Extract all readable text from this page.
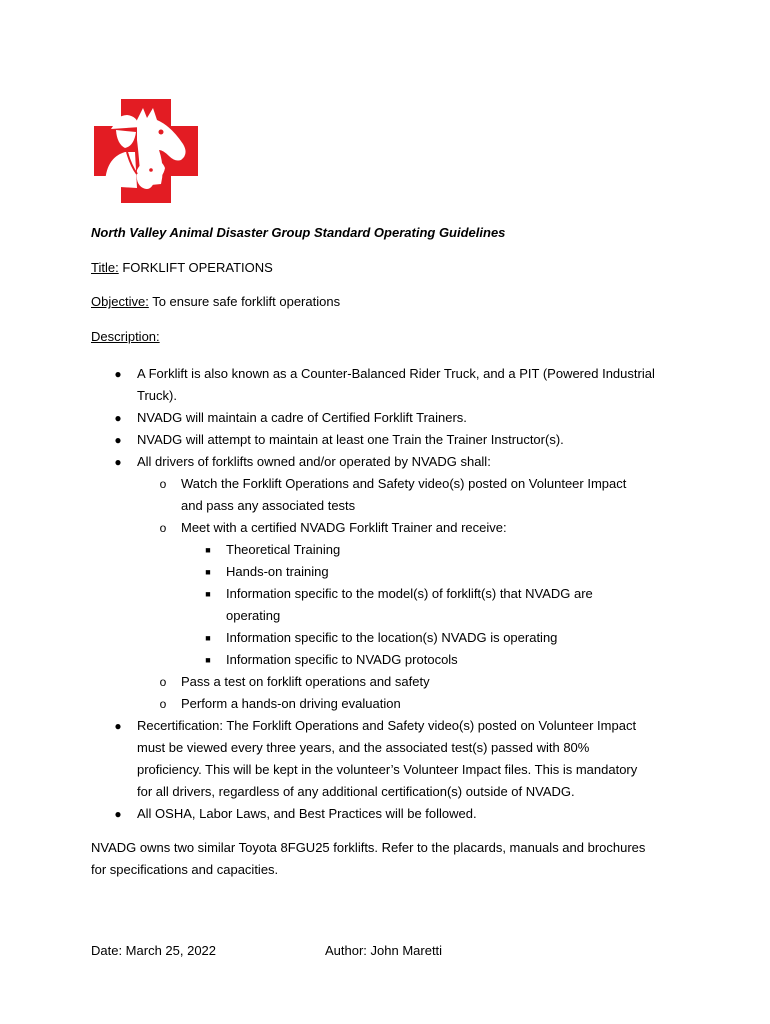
North Valley Animal Disaster Group Standard Operating Guidelines
Title: FORKLIFT OPERATIONS
Objective: To ensure safe forklift operations
Description:
● A Forklift is also known as a Counter-Balanced Rider Truck, and a PIT (Powered Industrial
Truck).
● NVADG will maintain a cadre of Certified Forklift Trainers.
● NVADG will attempt to maintain at least one Train the Trainer Instructor(s).
● All drivers of forklifts owned and/or operated by NVADG shall:
o Watch the Forklift Operations and Safety video(s) posted on Volunteer Impact
and pass any associated tests
o Meet with a certified NVADG Forklift Trainer and receive:
■ Theoretical Training
■ Hands-on training
■ Information specific to the model(s) of forklift(s) that NVADG are
operating
■ Information specific to the location(s) NVADG is operating
■ Information specific to NVADG protocols
o Pass a test on forklift operations and safety
o Perform a hands-on driving evaluation
● Recertification: The Forklift Operations and Safety video(s) posted on Volunteer Impact
must be viewed every three years, and the associated test(s) passed with 80%
proficiency. This will be kept in the volunteer’s Volunteer Impact files. This is mandatory
for all drivers, regardless of any additional certification(s) outside of NVADG.
● All OSHA, Labor Laws, and Best Practices will be followed.
NVADG owns two similar Toyota 8FGU25 forklifts. Refer to the placards, manuals and brochures
for specifications and capacities.
Date: March 25, 2022	Author: John Maretti
